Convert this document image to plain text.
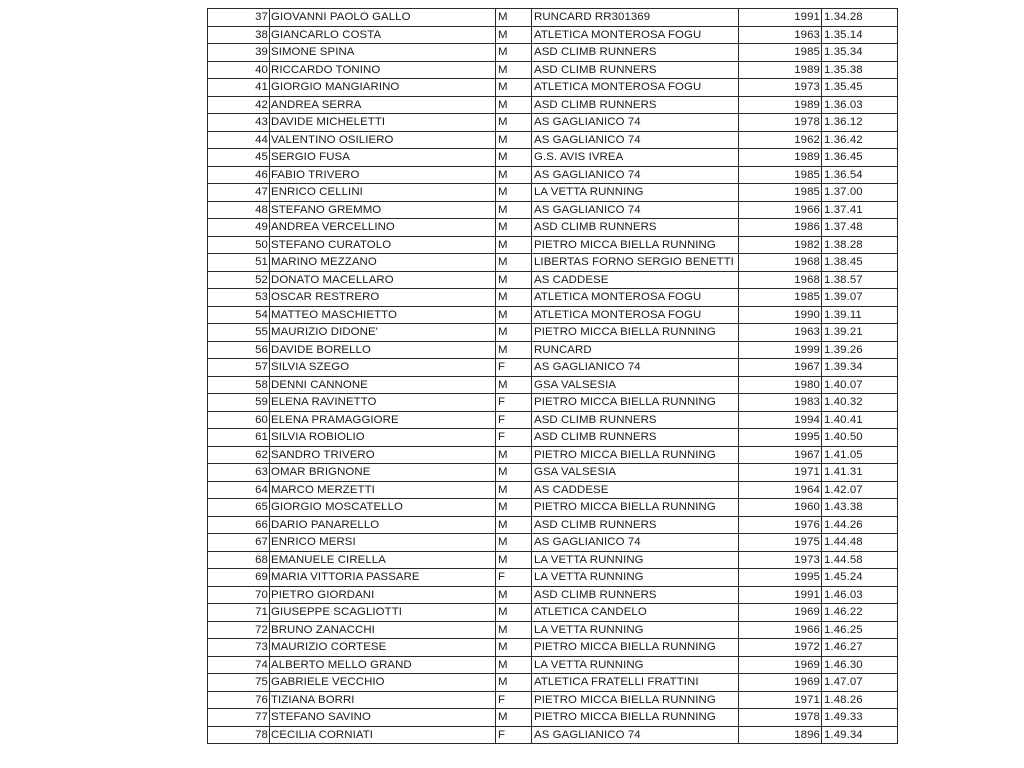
37	GIOVANNI PAOLO GALLO	M	RUNCARD RR301369	1991	1.34.28
38	GIANCARLO COSTA	M	ATLETICA MONTEROSA FOGU	1963	1.35.14
39	SIMONE SPINA	M	ASD CLIMB RUNNERS	1985	1.35.34
40	RICCARDO TONINO	M	ASD CLIMB RUNNERS	1989	1.35.38
41	GIORGIO MANGIARINO	M	ATLETICA MONTEROSA FOGU	1973	1.35.45
42	ANDREA SERRA	M	ASD CLIMB RUNNERS	1989	1.36.03
43	DAVIDE MICHELETTI	M	AS GAGLIANICO 74	1978	1.36.12
44	VALENTINO OSILIERO	M	AS GAGLIANICO 74	1962	1.36.42
45	SERGIO FUSA	M	G.S. AVIS IVREA	1989	1.36.45
46	FABIO TRIVERO	M	AS GAGLIANICO 74	1985	1.36.54
47	ENRICO CELLINI	M	LA VETTA RUNNING	1985	1.37.00
48	STEFANO GREMMO	M	AS GAGLIANICO 74	1966	1.37.41
49	ANDREA VERCELLINO	M	ASD CLIMB RUNNERS	1986	1.37.48
50	STEFANO CURATOLO	M	PIETRO MICCA BIELLA RUNNING	1982	1.38.28
51	MARINO MEZZANO	M	LIBERTAS FORNO SERGIO BENETTI	1968	1.38.45
52	DONATO MACELLARO	M	AS CADDESE	1968	1.38.57
53	OSCAR RESTRERO	M	ATLETICA MONTEROSA FOGU	1985	1.39.07
54	MATTEO MASCHIETTO	M	ATLETICA MONTEROSA FOGU	1990	1.39.11
55	MAURIZIO DIDONE'	M	PIETRO MICCA BIELLA RUNNING	1963	1.39.21
56	DAVIDE BORELLO	M	RUNCARD	1999	1.39.26
57	SILVIA SZEGO	F	AS GAGLIANICO 74	1967	1.39.34
58	DENNI CANNONE	M	GSA VALSESIA	1980	1.40.07
59	ELENA RAVINETTO	F	PIETRO MICCA BIELLA RUNNING	1983	1.40.32
60	ELENA PRAMAGGIORE	F	ASD CLIMB RUNNERS	1994	1.40.41
61	SILVIA ROBIOLIO	F	ASD CLIMB RUNNERS	1995	1.40.50
62	SANDRO TRIVERO	M	PIETRO MICCA BIELLA RUNNING	1967	1.41.05
63	OMAR BRIGNONE	M	GSA VALSESIA	1971	1.41.31
64	MARCO MERZETTI	M	AS CADDESE	1964	1.42.07
65	GIORGIO MOSCATELLO	M	PIETRO MICCA BIELLA RUNNING	1960	1.43.38
66	DARIO PANARELLO	M	ASD CLIMB RUNNERS	1976	1.44.26
67	ENRICO MERSI	M	AS GAGLIANICO 74	1975	1.44.48
68	EMANUELE CIRELLA	M	LA VETTA RUNNING	1973	1.44.58
69	MARIA VITTORIA PASSARE	F	LA VETTA RUNNING	1995	1.45.24
70	PIETRO GIORDANI	M	ASD CLIMB RUNNERS	1991	1.46.03
71	GIUSEPPE SCAGLIOTTI	M	ATLETICA CANDELO	1969	1.46.22
72	BRUNO ZANACCHI	M	LA VETTA RUNNING	1966	1.46.25
73	MAURIZIO CORTESE	M	PIETRO MICCA BIELLA RUNNING	1972	1.46.27
74	ALBERTO MELLO GRAND	M	LA VETTA RUNNING	1969	1.46.30
75	GABRIELE VECCHIO	M	ATLETICA FRATELLI FRATTINI	1969	1.47.07
76	TIZIANA BORRI	F	PIETRO MICCA BIELLA RUNNING	1971	1.48.26
77	STEFANO SAVINO	M	PIETRO MICCA BIELLA RUNNING	1978	1.49.33
78	CECILIA CORNIATI	F	AS GAGLIANICO 74	1896	1.49.34
